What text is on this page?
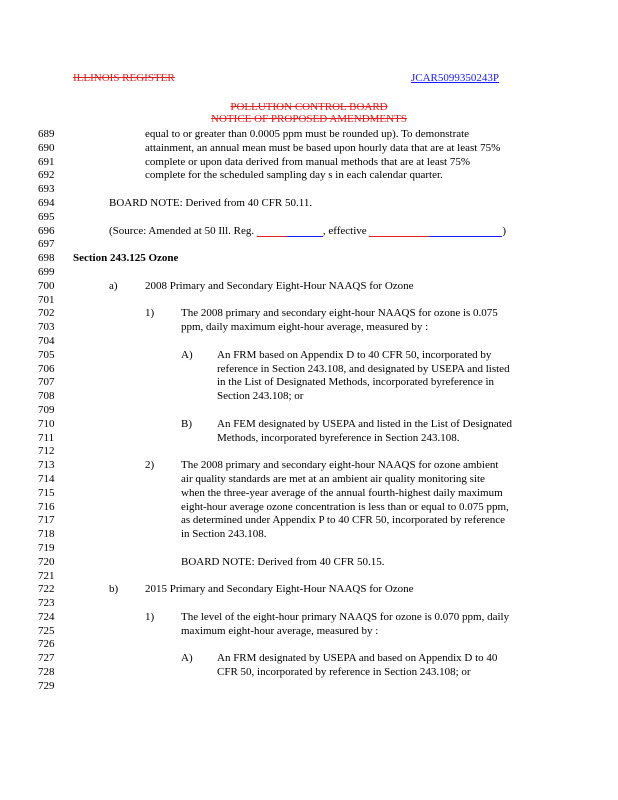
ILLINOIS REGISTER	JCAR5099350243P
POLLUTION CONTROL BOARD
NOTICE OF PROPOSED AMENDMENTS
689	equal to or greater than 0.0005 ppm must be rounded up). To demonstrate
690	attainment, an annual mean must be based upon hourly data that are at least 75%
691	complete or upon data derived from manual methods that are at least 75%
692	complete for the scheduled sampling day s in each calendar quarter.
693
694	BOARD NOTE: Derived from 40 CFR 50.11.
695
696	(Source: Amended at 50 Ill. Reg.	, effective	)
697
698	Section 243.125 Ozone
699
700	a) 2008 Primary and Secondary Eight-Hour NAAQS for Ozone
701
702	1) The 2008 primary and secondary eight-hour NAAQS for ozone is 0.075
703	ppm, daily maximum eight-hour average, measured by :
704
705	A) An FRM based on Appendix D to 40 CFR 50, incorporated by
706	reference in Section 243.108, and designated by USEPA and listed
707	in the List of Designated Methods, incorporated byreference in
708	Section 243.108; or
709
710	B) An FEM designated by USEPA and listed in the List of Designated
711	Methods, incorporated byreference in Section 243.108.
712
713	2) The 2008 primary and secondary eight-hour NAAQS for ozone ambient
714	air quality standards are met at an ambient air quality monitoring site
715	when the three-year average of the annual fourth-highest daily maximum
716	eight-hour average ozone concentration is less than or equal to 0.075 ppm,
717	as determined under Appendix P to 40 CFR 50, incorporated by reference
718	in Section 243.108.
719
720	BOARD NOTE: Derived from 40 CFR 50.15.
721
722	b) 2015 Primary and Secondary Eight-Hour NAAQS for Ozone
723
724	1) The level of the eight-hour primary NAAQS for ozone is 0.070 ppm, daily
725	maximum eight-hour average, measured by :
726
727	A) An FRM designated by USEPA and based on Appendix D to 40
728	CFR 50, incorporated by reference in Section 243.108; or
729
